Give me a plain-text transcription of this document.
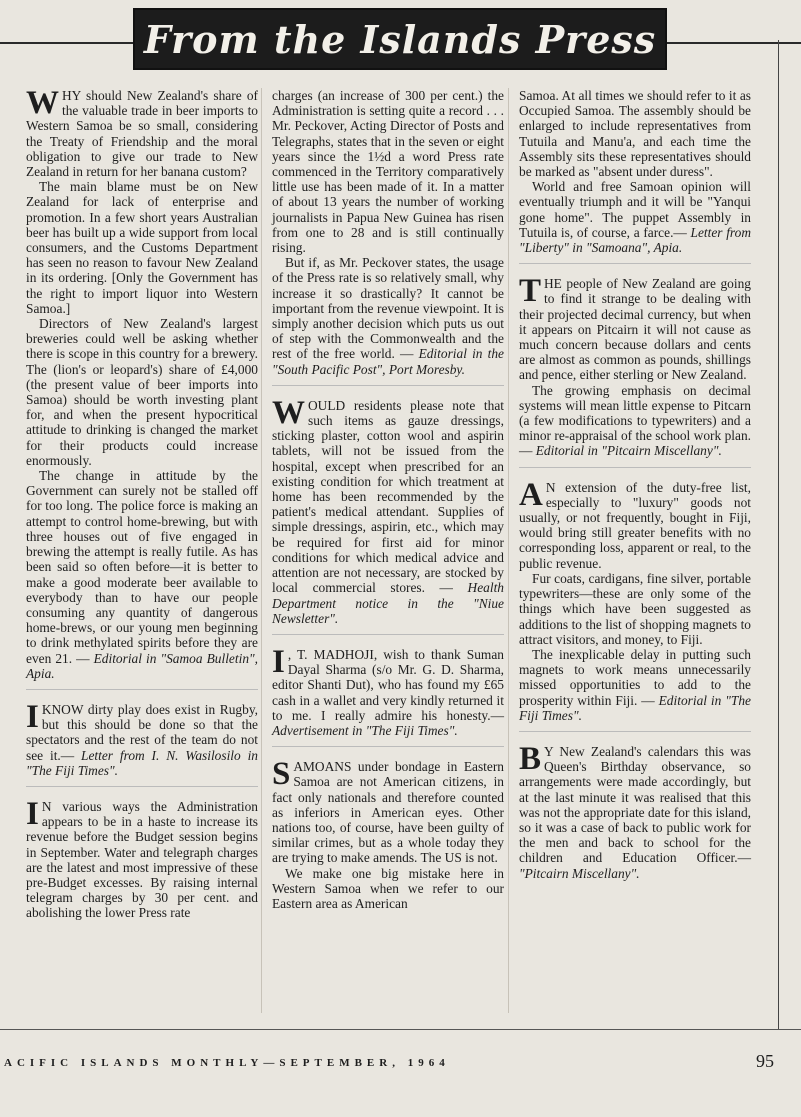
From the Islands Press

WHY should New Zealand's share of the valuable trade in beer imports to Western Samoa be so small, considering the Treaty of Friendship and the moral obligation to give our trade to New Zealand in return for her banana custom?

The main blame must be on New Zealand for lack of enterprise and promotion. In a few short years Australian beer has built up a wide support from local consumers, and the Customs Department has seen no reason to favour New Zealand in its ordering. [Only the Government has the right to import liquor into Western Samoa.]

Directors of New Zealand's largest breweries could well be asking whether there is scope in this country for a brewery. The (lion's or leopard's) share of £4,000 (the present value of beer imports into Samoa) should be worth investing plant for, and when the present hypocritical attitude to drinking is changed the market for their products could increase enormously.

The change in attitude by the Government can surely not be stalled off for too long. The police force is making an attempt to control home-brewing, but with three houses out of five engaged in brewing the attempt is really futile. As has been said so often before—it is better to make a good moderate beer available to everybody than to have our people consuming any quantity of dangerous home-brews, or our young men beginning to drink methylated spirits before they are even 21. — Editorial in "Samoa Bulletin", Apia.

IKNOW dirty play does exist in Rugby, but this should be done so that the spectators and the rest of the team do not see it.— Letter from I. N. Wasilosilo in "The Fiji Times".

I N various ways the Administration appears to be in a haste to increase its revenue before the Budget session begins in September. Water and telegraph charges are the latest and most impressive of these pre-Budget excesses. By raising internal telegram charges by 30 per cent. and abolishing the lower Press rate

charges (an increase of 300 per cent.) the Administration is setting quite a record . . . Mr. Peckover, Acting Director of Posts and Telegraphs, states that in the seven or eight years since the 1½d a word Press rate commenced in the Territory comparatively little use has been made of it. In a matter of about 13 years the number of working journalists in Papua New Guinea has risen from one to 28 and is still continually rising.

But if, as Mr. Peckover states, the usage of the Press rate is so relatively small, why increase it so drastically? It cannot be important from the revenue viewpoint. It is simply another decision which puts us out of step with the Commonwealth and the rest of the free world. — Editorial in the "South Pacific Post", Port Moresby.

WOULD residents please note that such items as gauze dressings, sticking plaster, cotton wool and aspirin tablets, will not be issued from the hospital, except when prescribed for an existing condition for which treatment at home has been recommended by the patient's medical attendant. Supplies of simple dressings, aspirin, etc., which may be required for first aid for minor conditions for which medical advice and attention are not necessary, are stocked by local commercial stores. — Health Department notice in the "Niue Newsletter".

I , T. MADHOJI, wish to thank Suman Dayal Sharma (s/o Mr. G. D. Sharma, editor Shanti Dut), who has found my £65 cash in a wallet and very kindly returned it to me. I really admire his honesty.— Advertisement in "The Fiji Times".

SAMOANS under bondage in Eastern Samoa are not American citizens, in fact only nationals and therefore counted as inferiors in American eyes. Other nations too, of course, have been guilty of similar crimes, but as a whole today they are trying to make amends. The US is not.

We make one big mistake here in Western Samoa when we refer to our Eastern area as American

Samoa. At all times we should refer to it as Occupied Samoa. The assembly should be enlarged to include representatives from Tutuila and Manu'a, and each time the Assembly sits these representatives should be marked as "absent under duress".

World and free Samoan opinion will eventually triumph and it will be "Yanqui gone home". The puppet Assembly in Tutuila is, of course, a farce.— Letter from "Liberty" in "Samoana", Apia.

THE people of New Zealand are going to find it strange to be dealing with their projected decimal currency, but when it appears on Pitcairn it will not cause as much concern because dollars and cents are almost as common as pounds, shillings and pence, either sterling or New Zealand.

The growing emphasis on decimal systems will mean little expense to Pitcarn (a few modifications to typewriters) and a minor re-appraisal of the school work plan.— Editorial in "Pitcairn Miscellany".

A N extension of the duty-free list, especially to "luxury" goods not usually, or not frequently, bought in Fiji, would bring still greater benefits with no corresponding loss, apparent or real, to the public revenue.

Fur coats, cardigans, fine silver, portable typewriters—these are only some of the things which have been suggested as additions to the list of shopping magnets to attract visitors, and money, to Fiji.

The inexplicable delay in putting such magnets to work means unnecessarily missed opportunities to add to the prosperity within Fiji. — Editorial in "The Fiji Times".

B Y New Zealand's calendars this was Queen's Birthday observance, so arrangements were made accordingly, but at the last minute it was realised that this was not the appropriate date for this island, so it was a case of back to public work for the men and back to school for the children and Education Officer.— "Pitcairn Miscellany".

ACIFIC ISLANDS MONTHLY—SEPTEMBER, 1964	95
